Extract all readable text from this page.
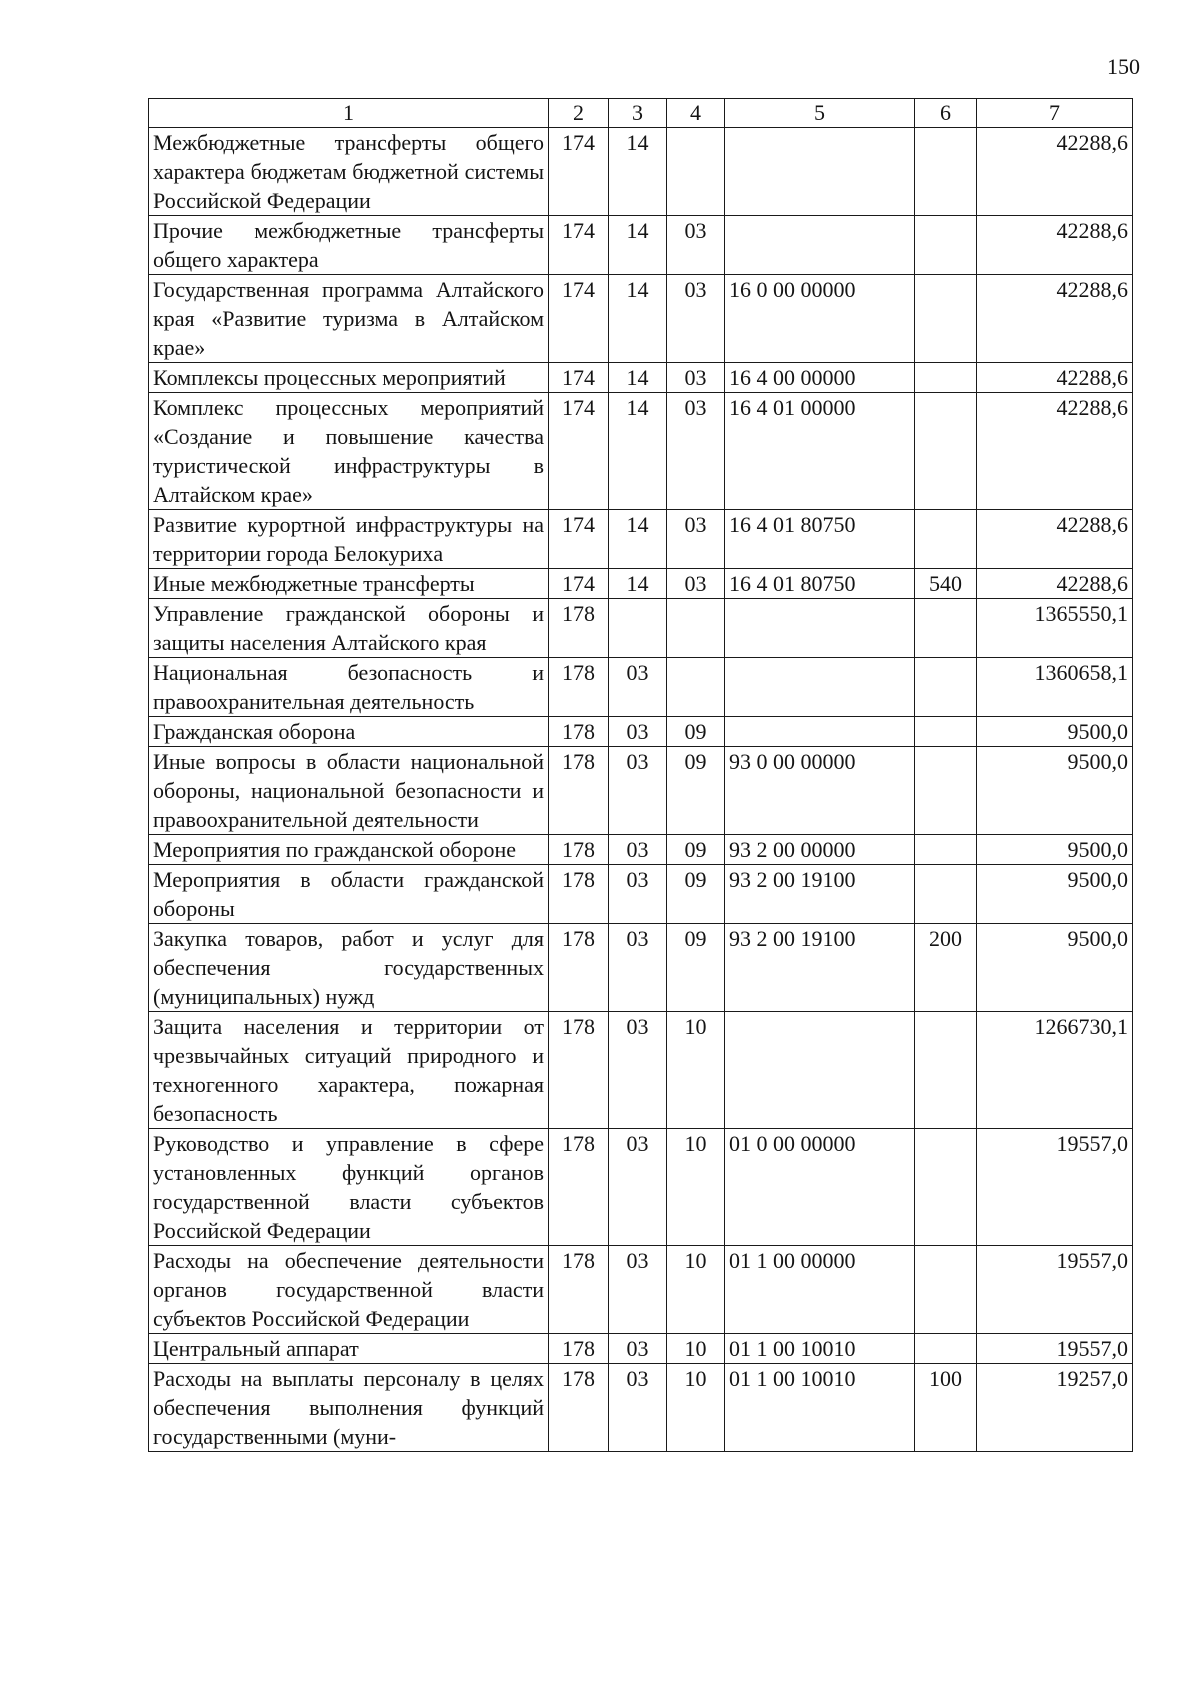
150
1	2	3	4	5	6	7
Межбюджетные трансферты общего характера бюджетам бюджетной системы Российской Федерации	174	14				42288,6
Прочие межбюджетные трансферты общего характера	174	14	03			42288,6
Государственная программа Алтайского края «Развитие туризма в Алтайском крае»	174	14	03	16 0 00 00000		42288,6
Комплексы процессных мероприятий	174	14	03	16 4 00 00000		42288,6
Комплекс процессных мероприятий «Создание и повышение качества туристической инфраструктуры в Алтайском крае»	174	14	03	16 4 01 00000		42288,6
Развитие курортной инфраструктуры на территории города Белокурихa	174	14	03	16 4 01 80750		42288,6
Иные межбюджетные трансферты	174	14	03	16 4 01 80750	540	42288,6
Управление гражданской обороны и защиты населения Алтайского края	178					1365550,1
Национальная безопасность и правоохранительная деятельность	178	03				1360658,1
Гражданская оборона	178	03	09			9500,0
Иные вопросы в области национальной обороны, национальной безопасности и правоохранительной деятельности	178	03	09	93 0 00 00000		9500,0
Мероприятия по гражданской обороне	178	03	09	93 2 00 00000		9500,0
Мероприятия в области гражданской обороны	178	03	09	93 2 00 19100		9500,0
Закупка товаров, работ и услуг для обеспечения государственных (муниципальных) нужд	178	03	09	93 2 00 19100	200	9500,0
Защита населения и территории от чрезвычайных ситуаций природного и техногенного характера, пожарная безопасность	178	03	10			1266730,1
Руководство и управление в сфере установленных функций органов государственной власти субъектов Российской Федерации	178	03	10	01 0 00 00000		19557,0
Расходы на обеспечение деятельности органов государственной власти субъектов Российской Федерации	178	03	10	01 1 00 00000		19557,0
Центральный аппарат	178	03	10	01 1 00 10010		19557,0
Расходы на выплаты персоналу в целях обеспечения выполнения функций государственными (муни-	178	03	10	01 1 00 10010	100	19257,0
